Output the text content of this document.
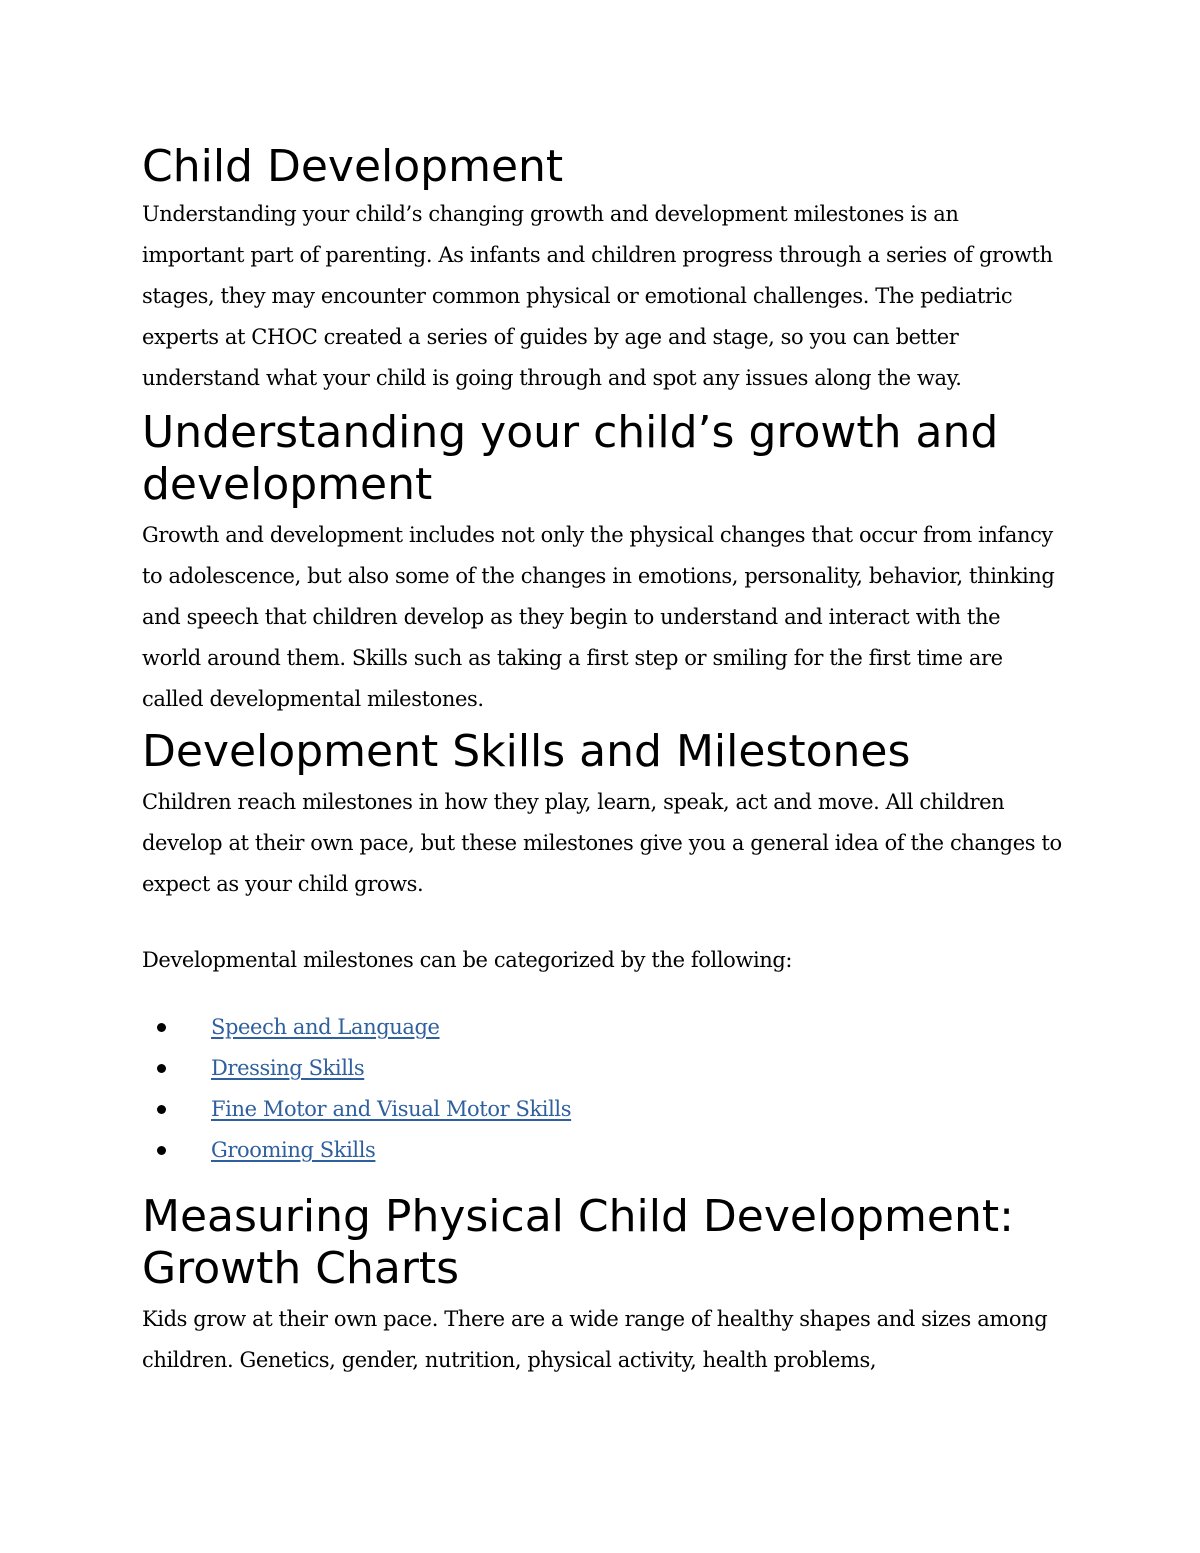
Child Development

Understanding your child’s changing growth and development milestones is an important part of parenting. As infants and children progress through a series of growth stages, they may encounter common physical or emotional challenges. The pediatric experts at CHOC created a series of guides by age and stage, so you can better understand what your child is going through and spot any issues along the way.

Understanding your child’s growth and development

Growth and development includes not only the physical changes that occur from infancy to adolescence, but also some of the changes in emotions, personality, behavior, thinking and speech that children develop as they begin to understand and interact with the world around them. Skills such as taking a first step or smiling for the first time are called developmental milestones.

Development Skills and Milestones

Children reach milestones in how they play, learn, speak, act and move. All children develop at their own pace, but these milestones give you a general idea of the changes to expect as your child grows.

Developmental milestones can be categorized by the following:

Speech and Language
Dressing Skills
Fine Motor and Visual Motor Skills
Grooming Skills
Measuring Physical Child Development: Growth Charts

Kids grow at their own pace. There are a wide range of healthy shapes and sizes among children. Genetics, gender, nutrition, physical activity, health problems,
